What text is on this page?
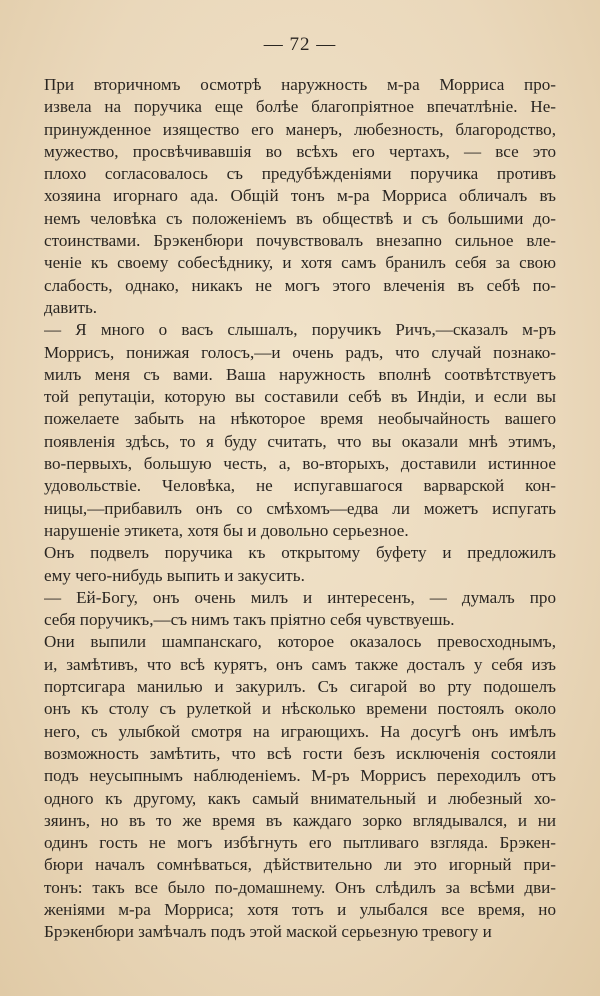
— 72 —
При вторичномъ осмотрѣ наружность м-ра Морриса про-
извела на поручика еще болѣе благопріятное впечатлѣніе. Не-
принужденное изящество его манеръ, любезность, благородство,
мужество, просвѣчивавшія во всѣхъ его чертахъ, — все это
плохо согласовалось съ предубѣжденіями поручика противъ
хозяина игорнаго ада. Общій тонъ м-ра Морриса обличалъ въ
немъ человѣка съ положеніемъ въ обществѣ и съ большими до-
стоинствами. Брэкенбюри почувствовалъ внезапно сильное вле-
ченіе къ своему собесѣднику, и хотя самъ бранилъ себя за свою
слабость, однако, никакъ не могъ этого влеченія въ себѣ по-
давить.
— Я много о васъ слышалъ, поручикъ Ричъ,—сказалъ м-ръ
Моррисъ, понижая голосъ,—и очень радъ, что случай познако-
милъ меня съ вами. Ваша наружность вполнѣ соотвѣтствуетъ
той репутаціи, которую вы составили себѣ въ Индіи, и если вы
пожелаете забыть на нѣкоторое время необычайность вашего
появленія здѣсь, то я буду считать, что вы оказали мнѣ этимъ,
во-первыхъ, большую честь, а, во-вторыхъ, доставили истинное
удовольствіе. Человѣка, не испугавшагося варварской кон-
ницы,—прибавилъ онъ со смѣхомъ—едва ли можетъ испугать
нарушеніе этикета, хотя бы и довольно серьезное.
Онъ подвелъ поручика къ открытому буфету и предложилъ
ему чего-нибудь выпить и закусить.
— Ей-Богу, онъ очень милъ и интересенъ, — думалъ про
себя поручикъ,—съ нимъ такъ пріятно себя чувствуешь.
Они выпили шампанскаго, которое оказалось превосходнымъ,
и, замѣтивъ, что всѣ курятъ, онъ самъ также досталъ у себя изъ
портсигара манилью и закурилъ. Съ сигарой во рту подошелъ
онъ къ столу съ рулеткой и нѣсколько времени постоялъ около
него, съ улыбкой смотря на играющихъ. На досугѣ онъ имѣлъ
возможность замѣтить, что всѣ гости безъ исключенія состояли
подъ неусыпнымъ наблюденіемъ. М-ръ Моррисъ переходилъ отъ
одного къ другому, какъ самый внимательный и любезный хо-
зяинъ, но въ то же время въ каждаго зорко вглядывался, и ни
одинъ гость не могъ избѣгнуть его пытливаго взгляда. Брэкен-
бюри началъ сомнѣваться, дѣйствительно ли это игорный при-
тонъ: такъ все было по-домашнему. Онъ слѣдилъ за всѣми дви-
женіями м-ра Морриса; хотя тотъ и улыбался все время, но
Брэкенбюри замѣчалъ подъ этой маской серьезную тревогу и
